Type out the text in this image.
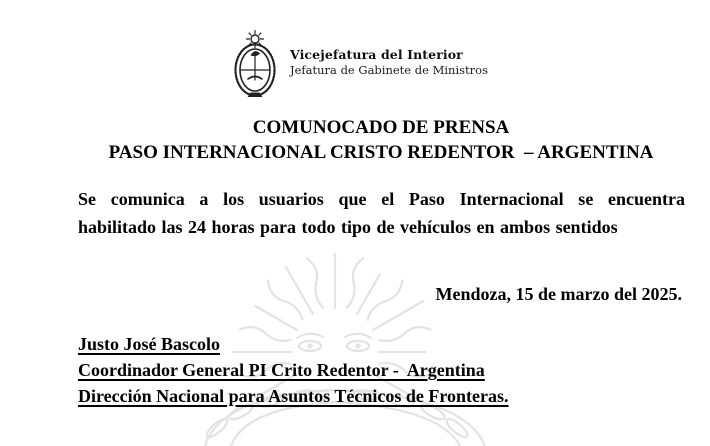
Vicejefatura del Interior
Jefatura de Gabinete de Ministros
COMUNOCADO DE PRENSA
PASO INTERNACIONAL CRISTO REDENTOR  – ARGENTINA
Se comunica a los usuarios que el Paso Internacional se encuentra
habilitado las 24 horas para todo tipo de vehículos en ambos sentidos
Mendoza, 15 de marzo del 2025.
Justo José Bascolo
Coordinador General PI Crito Redentor -  Argentina
Dirección Nacional para Asuntos Técnicos de Fronteras.
